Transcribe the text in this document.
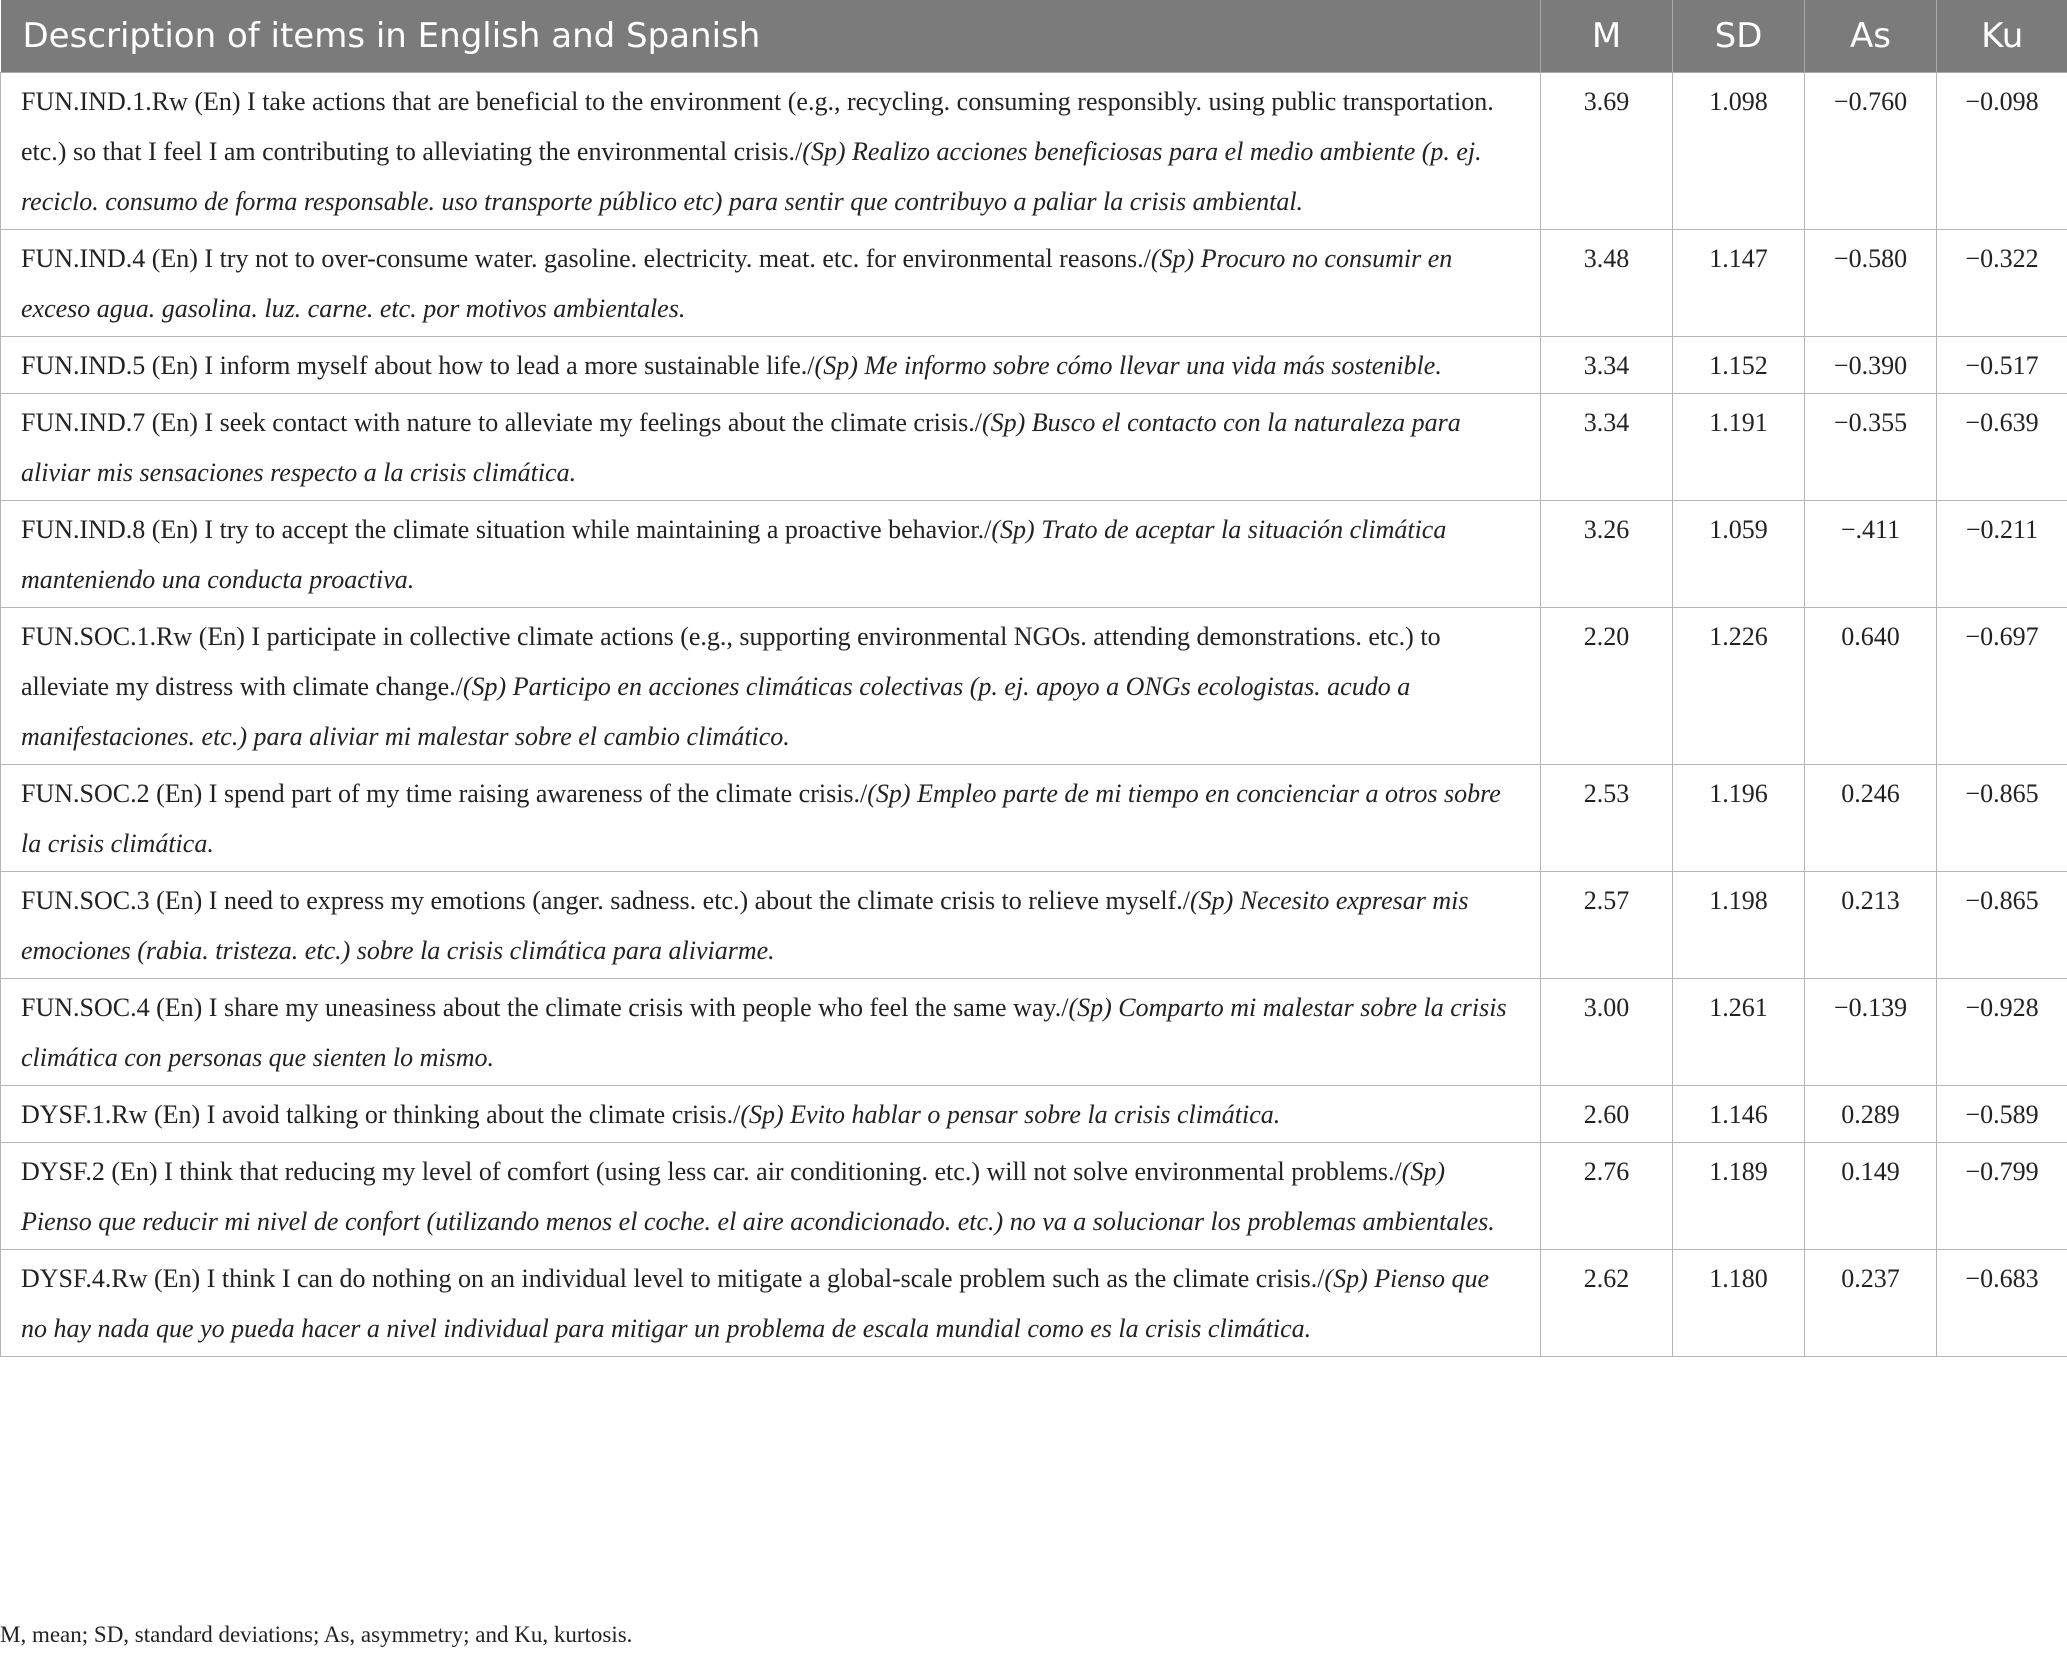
Description of items in English and Spanish	M	SD	As	Ku
FUN.IND.1.Rw (En) I take actions that are beneficial to the environment (e.g., recycling. consuming responsibly. using public transportation. etc.) so that I feel I am contributing to alleviating the environmental crisis./(Sp) Realizo acciones beneficiosas para el medio ambiente (p. ej. reciclo. consumo de forma responsable. uso transporte público etc) para sentir que contribuyo a paliar la crisis ambiental.	3.69	1.098	−0.760	−0.098
FUN.IND.4 (En) I try not to over-consume water. gasoline. electricity. meat. etc. for environmental reasons./(Sp) Procuro no consumir en exceso agua. gasolina. luz. carne. etc. por motivos ambientales.	3.48	1.147	−0.580	−0.322
FUN.IND.5 (En) I inform myself about how to lead a more sustainable life./(Sp) Me informo sobre cómo llevar una vida más sostenible.	3.34	1.152	−0.390	−0.517
FUN.IND.7 (En) I seek contact with nature to alleviate my feelings about the climate crisis./(Sp) Busco el contacto con la naturaleza para aliviar mis sensaciones respecto a la crisis climática.	3.34	1.191	−0.355	−0.639
FUN.IND.8 (En) I try to accept the climate situation while maintaining a proactive behavior./(Sp) Trato de aceptar la situación climática manteniendo una conducta proactiva.	3.26	1.059	−.411	−0.211
FUN.SOC.1.Rw (En) I participate in collective climate actions (e.g., supporting environmental NGOs. attending demonstrations. etc.) to alleviate my distress with climate change./(Sp) Participo en acciones climáticas colectivas (p. ej. apoyo a ONGs ecologistas. acudo a manifestaciones. etc.) para aliviar mi malestar sobre el cambio climático.	2.20	1.226	0.640	−0.697
FUN.SOC.2 (En) I spend part of my time raising awareness of the climate crisis./(Sp) Empleo parte de mi tiempo en concienciar a otros sobre la crisis climática.	2.53	1.196	0.246	−0.865
FUN.SOC.3 (En) I need to express my emotions (anger. sadness. etc.) about the climate crisis to relieve myself./(Sp) Necesito expresar mis emociones (rabia. tristeza. etc.) sobre la crisis climática para aliviarme.	2.57	1.198	0.213	−0.865
FUN.SOC.4 (En) I share my uneasiness about the climate crisis with people who feel the same way./(Sp) Comparto mi malestar sobre la crisis climática con personas que sienten lo mismo.	3.00	1.261	−0.139	−0.928
DYSF.1.Rw (En) I avoid talking or thinking about the climate crisis./(Sp) Evito hablar o pensar sobre la crisis climática.	2.60	1.146	0.289	−0.589
DYSF.2 (En) I think that reducing my level of comfort (using less car. air conditioning. etc.) will not solve environmental problems./(Sp) Pienso que reducir mi nivel de confort (utilizando menos el coche. el aire acondicionado. etc.) no va a solucionar los problemas ambientales.	2.76	1.189	0.149	−0.799
DYSF.4.Rw (En) I think I can do nothing on an individual level to mitigate a global-scale problem such as the climate crisis./(Sp) Pienso que no hay nada que yo pueda hacer a nivel individual para mitigar un problema de escala mundial como es la crisis climática.	2.62	1.180	0.237	−0.683
M, mean; SD, standard deviations; As, asymmetry; and Ku, kurtosis.
